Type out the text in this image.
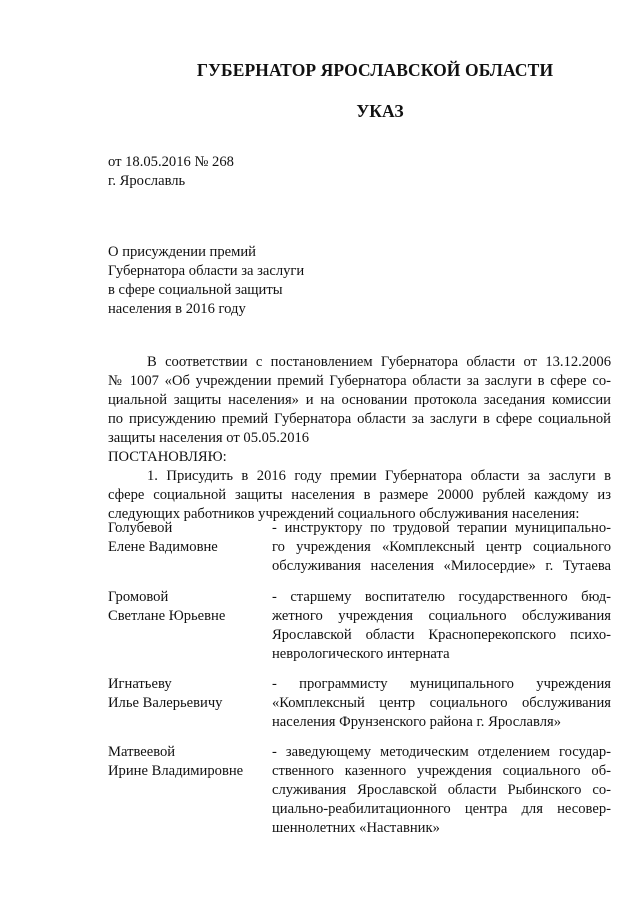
ГУБЕРНАТОР ЯРОСЛАВСКОЙ ОБЛАСТИ
УКАЗ
от 18.05.2016 № 268
г. Ярославль
О присуждении премий
Губернатора области за заслуги
в сфере социальной защиты
населения в 2016 году
В соответствии с постановлением Губернатора области от 13.12.2006
№ 1007 «Об учреждении премий Губернатора области за заслуги в сфере со-
циальной защиты населения» и на основании протокола заседания комиссии
по присуждению премий Губернатора области за заслуги в сфере социальной
защиты населения от 05.05.2016
ПОСТАНОВЛЯЮ:
1. Присудить в 2016 году премии Губернатора области за заслуги в
сфере социальной защиты населения в размере 20000 рублей каждому из
следующих работников учреждений социального обслуживания населения:
Голубевой
Елене Вадимовне
- инструктору по трудовой терапии муниципально-
го учреждения «Комплексный центр социального
обслуживания населения «Милосердие» г. Тутаева
Громовой
Светлане Юрьевне
- старшему воспитателю государственного бюд-
жетного учреждения социального обслуживания
Ярославской области Красноперекопского психо-
неврологического интерната
Игнатьеву
Илье Валерьевичу
- программисту муниципального учреждения
«Комплексный центр социального обслуживания
населения Фрунзенского района г. Ярославля»
Матвеевой
Ирине Владимировне
- заведующему методическим отделением государ-
ственного казенного учреждения социального об-
служивания Ярославской области Рыбинского со-
циально-реабилитационного центра для несовер-
шеннолетних «Наставник»
